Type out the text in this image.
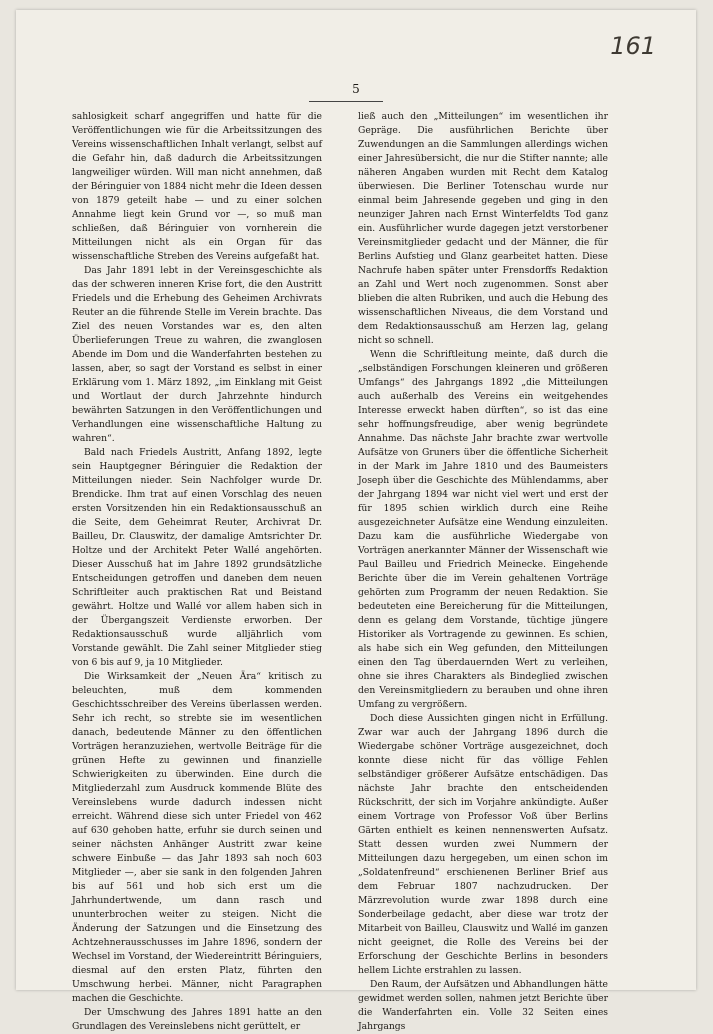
161
5

sahlosigkeit scharf angegriffen und hatte für die Veröffentlichungen wie für die Arbeitssitzungen des Vereins wissenschaftlichen Inhalt verlangt, selbst auf die Gefahr hin, daß dadurch die Arbeitssitzungen langweiliger würden. Will man nicht annehmen, daß der Béringuier von 1884 nicht mehr die Ideen dessen von 1879 geteilt habe — und zu einer solchen Annahme liegt kein Grund vor —, so muß man schließen, daß Béringuier von vornherein die Mitteilungen nicht als ein Organ für das wissenschaftliche Streben des Vereins aufgefaßt hat.

Das Jahr 1891 lebt in der Vereinsgeschichte als das der schweren inneren Krise fort, die den Austritt Friedels und die Erhebung des Geheimen Archivrats Reuter an die führende Stelle im Verein brachte. Das Ziel des neuen Vorstandes war es, den alten Überlieferungen Treue zu wahren, die zwanglosen Abende im Dom und die Wanderfahrten bestehen zu lassen, aber, so sagt der Vorstand es selbst in einer Erklärung vom 1. März 1892, „im Einklang mit Geist und Wortlaut der durch Jahrzehnte hindurch bewährten Satzungen in den Veröffentlichungen und Verhandlungen eine wissenschaftliche Haltung zu wahren“.

Bald nach Friedels Austritt, Anfang 1892, legte sein Hauptgegner Béringuier die Redaktion der Mitteilungen nieder. Sein Nachfolger wurde Dr. Brendicke. Ihm trat auf einen Vorschlag des neuen ersten Vorsitzenden hin ein Redaktionsausschuß an die Seite, dem Geheimrat Reuter, Archivrat Dr. Bailleu, Dr. Clauswitz, der damalige Amtsrichter Dr. Holtze und der Architekt Peter Wallé angehörten. Dieser Ausschuß hat im Jahre 1892 grundsätzliche Entscheidungen getroffen und daneben dem neuen Schriftleiter auch praktischen Rat und Beistand gewährt. Holtze und Wallé vor allem haben sich in der Übergangszeit Verdienste erworben. Der Redaktionsausschuß wurde alljährlich vom Vorstande gewählt. Die Zahl seiner Mitglieder stieg von 6 bis auf 9, ja 10 Mitglieder.

Die Wirksamkeit der „Neuen Ära“ kritisch zu beleuchten, muß dem kommenden Geschichtsschreiber des Vereins überlassen werden. Sehr ich recht, so strebte sie im wesentlichen danach, bedeutende Männer zu den öffentlichen Vorträgen heranzuziehen, wertvolle Beiträge für die grünen Hefte zu gewinnen und finanzielle Schwierigkeiten zu überwinden. Eine durch die Mitgliederzahl zum Ausdruck kommende Blüte des Vereinslebens wurde dadurch indessen nicht erreicht. Während diese sich unter Friedel von 462 auf 630 gehoben hatte, erfuhr sie durch seinen und seiner nächsten Anhänger Austritt zwar keine schwere Einbuße — das Jahr 1893 sah noch 603 Mitglieder —, aber sie sank in den folgenden Jahren bis auf 561 und hob sich erst um die Jahrhundertwende, um dann rasch und ununterbrochen weiter zu steigen. Nicht die Änderung der Satzungen und die Einsetzung des Achtzehnerausschusses im Jahre 1896, sondern der Wechsel im Vorstand, der Wiedereintritt Béringuiers, diesmal auf den ersten Platz, führten den Umschwung herbei. Männer, nicht Paragraphen machen die Geschichte.

Der Umschwung des Jahres 1891 hatte an den Grundlagen des Vereinslebens nicht gerüttelt, er

ließ auch den „Mitteilungen“ im wesentlichen ihr Gepräge. Die ausführlichen Berichte über Zuwendungen an die Sammlungen allerdings wichen einer Jahresübersicht, die nur die Stifter nannte; alle näheren Angaben wurden mit Recht dem Katalog überwiesen. Die Berliner Totenschau wurde nur einmal beim Jahresende gegeben und ging in den neunziger Jahren nach Ernst Winterfeldts Tod ganz ein. Ausführlicher wurde dagegen jetzt verstorbener Vereinsmitglieder gedacht und der Männer, die für Berlins Aufstieg und Glanz gearbeitet hatten. Diese Nachrufe haben später unter Frensdorffs Redaktion an Zahl und Wert noch zugenommen. Sonst aber blieben die alten Rubriken, und auch die Hebung des wissenschaftlichen Niveaus, die dem Vorstand und dem Redaktionsausschuß am Herzen lag, gelang nicht so schnell.

Wenn die Schriftleitung meinte, daß durch die „selbständigen Forschungen kleineren und größeren Umfangs“ des Jahrgangs 1892 „die Mitteilungen auch außerhalb des Vereins ein weitgehendes Interesse erweckt haben dürften“, so ist das eine sehr hoffnungsfreudige, aber wenig begründete Annahme. Das nächste Jahr brachte zwar wertvolle Aufsätze von Gruners über die öffentliche Sicherheit in der Mark im Jahre 1810 und des Baumeisters Joseph über die Geschichte des Mühlendamms, aber der Jahrgang 1894 war nicht viel wert und erst der für 1895 schien wirklich durch eine Reihe ausgezeichneter Aufsätze eine Wendung einzuleiten. Dazu kam die ausführliche Wiedergabe von Vorträgen anerkannter Männer der Wissenschaft wie Paul Bailleu und Friedrich Meinecke. Eingehende Berichte über die im Verein gehaltenen Vorträge gehörten zum Programm der neuen Redaktion. Sie bedeuteten eine Bereicherung für die Mitteilungen, denn es gelang dem Vorstande, tüchtige jüngere Historiker als Vortragende zu gewinnen. Es schien, als habe sich ein Weg gefunden, den Mitteilungen einen den Tag überdauernden Wert zu verleihen, ohne sie ihres Charakters als Bindeglied zwischen den Vereinsmitgliedern zu berauben und ohne ihren Umfang zu vergrößern.

Doch diese Aussichten gingen nicht in Erfüllung. Zwar war auch der Jahrgang 1896 durch die Wiedergabe schöner Vorträge ausgezeichnet, doch konnte diese nicht für das völlige Fehlen selbständiger größerer Aufsätze entschädigen. Das nächste Jahr brachte den entscheidenden Rückschritt, der sich im Vorjahre ankündigte. Außer einem Vortrage von Professor Voß über Berlins Gärten enthielt es keinen nennenswerten Aufsatz. Statt dessen wurden zwei Nummern der Mitteilungen dazu hergegeben, um einen schon im „Soldatenfreund“ erschienenen Berliner Brief aus dem Februar 1807 nachzudrucken. Der Märzrevolution wurde zwar 1898 durch eine Sonderbeilage gedacht, aber diese war trotz der Mitarbeit von Bailleu, Clauswitz und Wallé im ganzen nicht geeignet, die Rolle des Vereins bei der Erforschung der Geschichte Berlins in besonders hellem Lichte erstrahlen zu lassen.

Den Raum, der Aufsätzen und Abhandlungen hätte gewidmet werden sollen, nahmen jetzt Berichte über die Wanderfahrten ein. Volle 32 Seiten eines Jahrgangs
